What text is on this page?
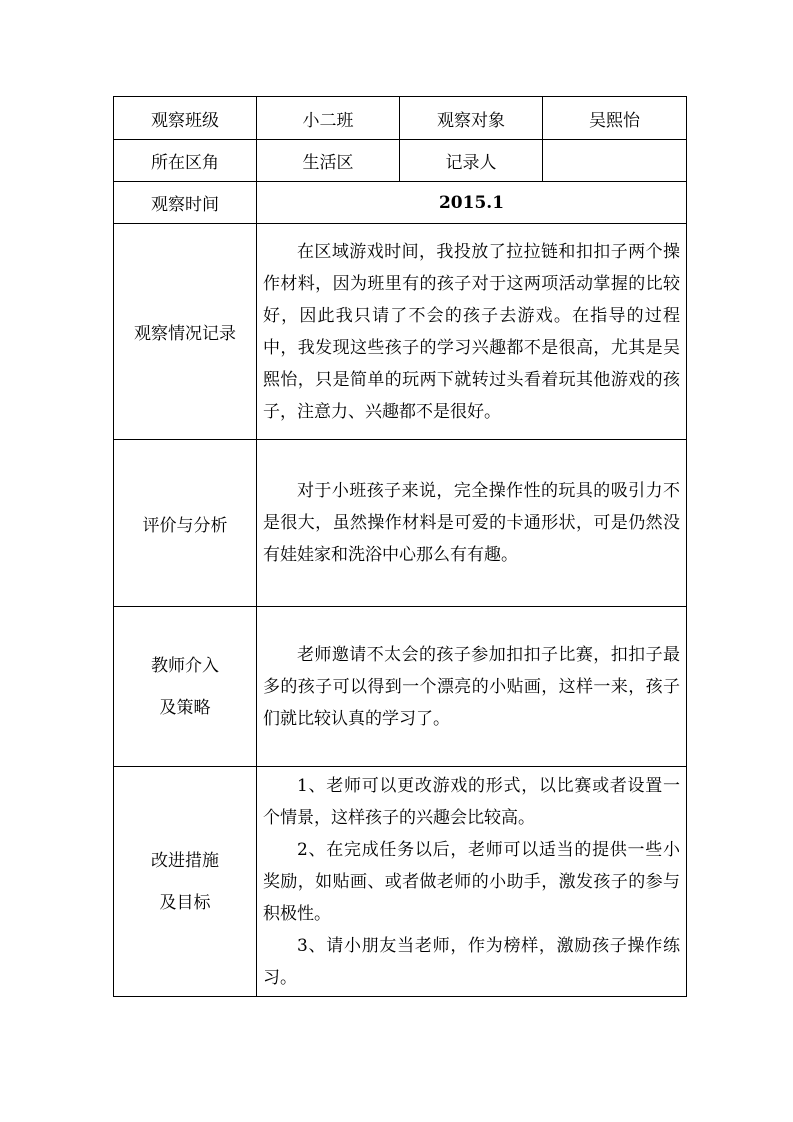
观察班级	小二班	观察对象	吴熙怡
所在区角	生活区	记录人	
观察时间	2015.1		
观察情况记录	在区域游戏时间，我投放了拉拉链和扣扣子两个操作材料，因为班里有的孩子对于这两项活动掌握的比较好，因此我只请了不会的孩子去游戏。在指导的过程中，我发现这些孩子的学习兴趣都不是很高，尤其是吴熙怡，只是简单的玩两下就转过头看着玩其他游戏的孩子，注意力、兴趣都不是很好。		

评价与分析	对于小班孩子来说，完全操作性的玩具的吸引力不是很大，虽然操作材料是可爱的卡通形状，可是仍然没有娃娃家和洗浴中心那么有有趣。		

教师介入
及策略	老师邀请不太会的孩子参加扣扣子比赛，扣扣子最多的孩子可以得到一个漂亮的小贴画，这样一来，孩子们就比较认真的学习了。		

改进措施
及目标	1、老师可以更改游戏的形式，以比赛或者设置一个情景，这样孩子的兴趣会比较高。
2、在完成任务以后，老师可以适当的提供一些小奖励，如贴画、或者做老师的小助手，激发孩子的参与积极性。
3、请小朋友当老师，作为榜样，激励孩子操作练习。		
